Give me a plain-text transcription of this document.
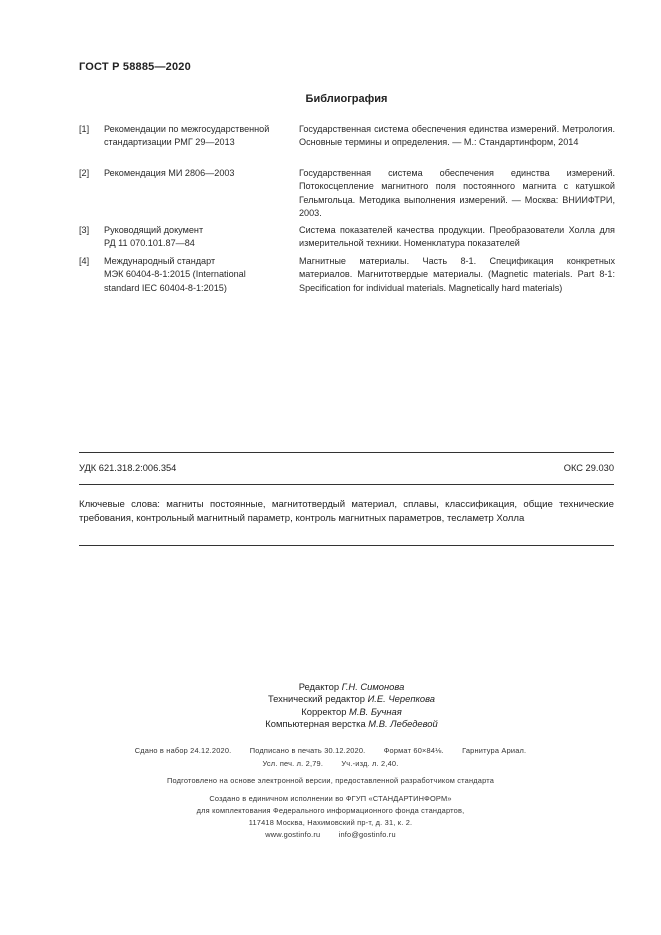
ГОСТ Р 58885—2020
Библиография
[1] Рекомендации по межгосударственной
стандартизации РМГ 29—2013
Государственная система обеспечения единства измерений. Метрология. Основные термины и определения. — М.: Стандартинформ, 2014
[2] Рекомендация МИ 2806—2003	Государственная система обеспечения единства измерений. Потокосцепление магнитного поля постоянного магнита с катушкой Гельмгольца. Методика выполнения измерений. — Москва: ВНИИФТРИ, 2003.
[3] Руководящий документ
РД 11 070.101.87—84
Система показателей качества продукции. Преобразователи Холла для измерительной техники. Номенклатура показателей
[4] Международный стандарт
МЭК 60404-8-1:2015 (International
standard IEC 60404-8-1:2015)
Магнитные материалы. Часть 8-1. Спецификация конкретных материалов. Магнитотвердые материалы. (Magnetic materials. Part 8-1: Specification for individual materials. Magnetically hard materials)
УДК 621.318.2:006.354	ОКС 29.030
Ключевые слова: магниты постоянные, магнитотвердый материал, сплавы, классификация, общие технические требования, контрольный магнитный параметр, контроль магнитных параметров, тесламетр Холла
Редактор Г.Н. Симонова
Технический редактор И.Е. Черепкова
Корректор М.В. Бучная
Компьютерная верстка М.В. Лебедевой
Сдано в набор 24.12.2020. Подписано в печать 30.12.2020. Формат 60×84⅛. Гарнитура Ариал.
Усл. печ. л. 2,79. Уч.-изд. л. 2,40.
Подготовлено на основе электронной версии, предоставленной разработчиком стандарта
Создано в единичном исполнении во ФГУП «СТАНДАРТИНФОРМ»
для комплектования Федерального информационного фонда стандартов,
117418 Москва, Нахимовский пр-т, д. 31, к. 2.
www.gostinfo.ru info@gostinfo.ru
